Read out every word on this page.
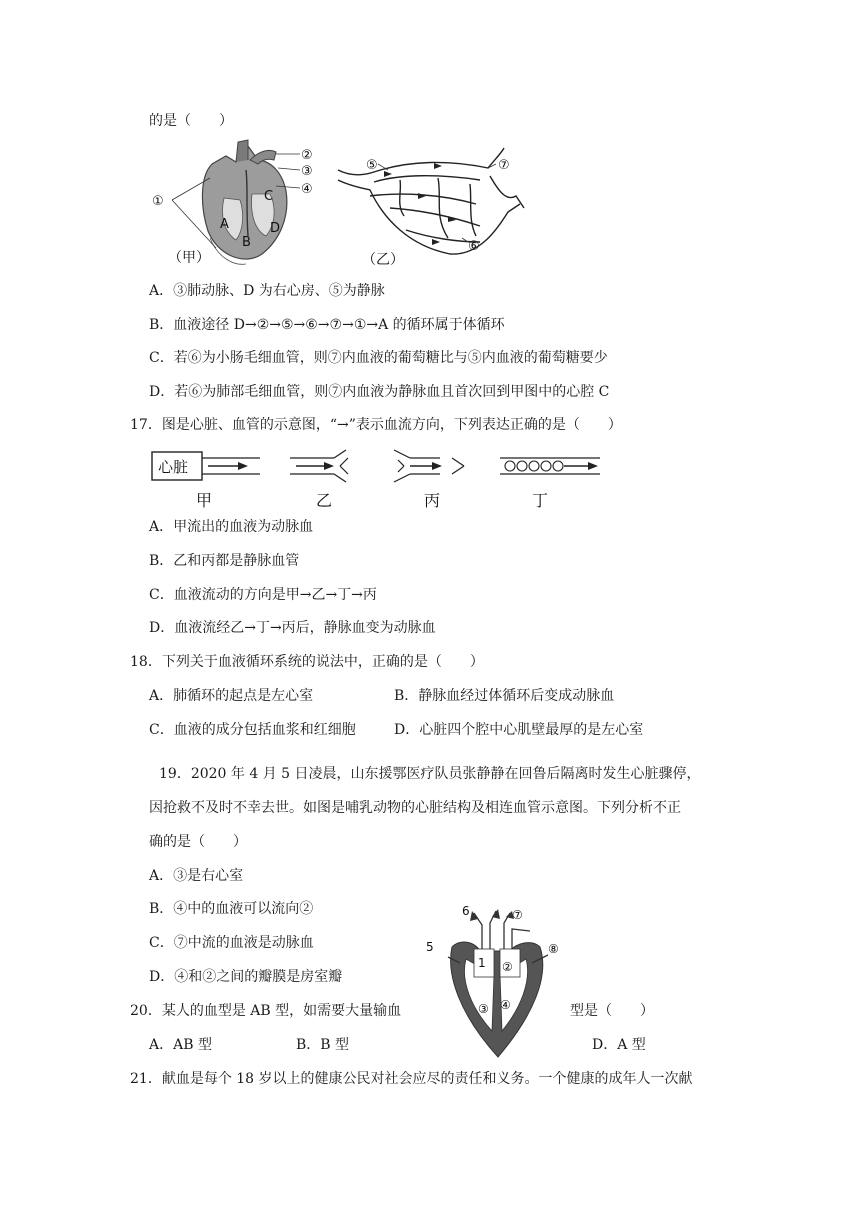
的是（　　）
①
②
③
④
A
B
C
D
（甲）
⑤	⑦
⑥
（乙）
A．③肺动脉、D 为右心房、⑤为静脉
B．血液途径 D→②→⑤→⑥→⑦→①→A 的循环属于体循环
C．若⑥为小肠毛细血管，则⑦内血液的葡萄糖比与⑤内血液的葡萄糖要少
D．若⑥为肺部毛细血管，则⑦内血液为静脉血且首次回到甲图中的心腔 C
17．图是心脏、血管的示意图，“→”表示血流方向，下列表达正确的是（　　）
心脏
甲	乙	丙	丁
A．甲流出的血液为动脉血
B．乙和丙都是静脉血管
C．血液流动的方向是甲→乙→丁→丙
D．血液流经乙→丁→丙后，静脉血变为动脉血
18．下列关于血液循环系统的说法中，正确的是（　　）
A．肺循环的起点是左心室	B．静脉血经过体循环后变成动脉血
C．血液的成分包括血浆和红细胞	D．心脏四个腔中心肌壁最厚的是左心室
19．2020 年 4 月 5 日凌晨，山东援鄂医疗队员张静静在回鲁后隔离时发生心脏骤停，
因抢救不及时不幸去世。如图是哺乳动物的心脏结构及相连血管示意图。下列分析不正
确的是（　　）
A．③是右心室
B．④中的血液可以流向②
C．⑦中流的血液是动脉血
D．④和②之间的瓣膜是房室瓣
5
6	⑦
⑧
1 ②
③ ④
20．某人的血型是 AB 型，如需要大量输血	型是（　　）
A．AB 型	B．B 型	D．A 型
21．献血是每个 18 岁以上的健康公民对社会应尽的责任和义务。一个健康的成年人一次献
